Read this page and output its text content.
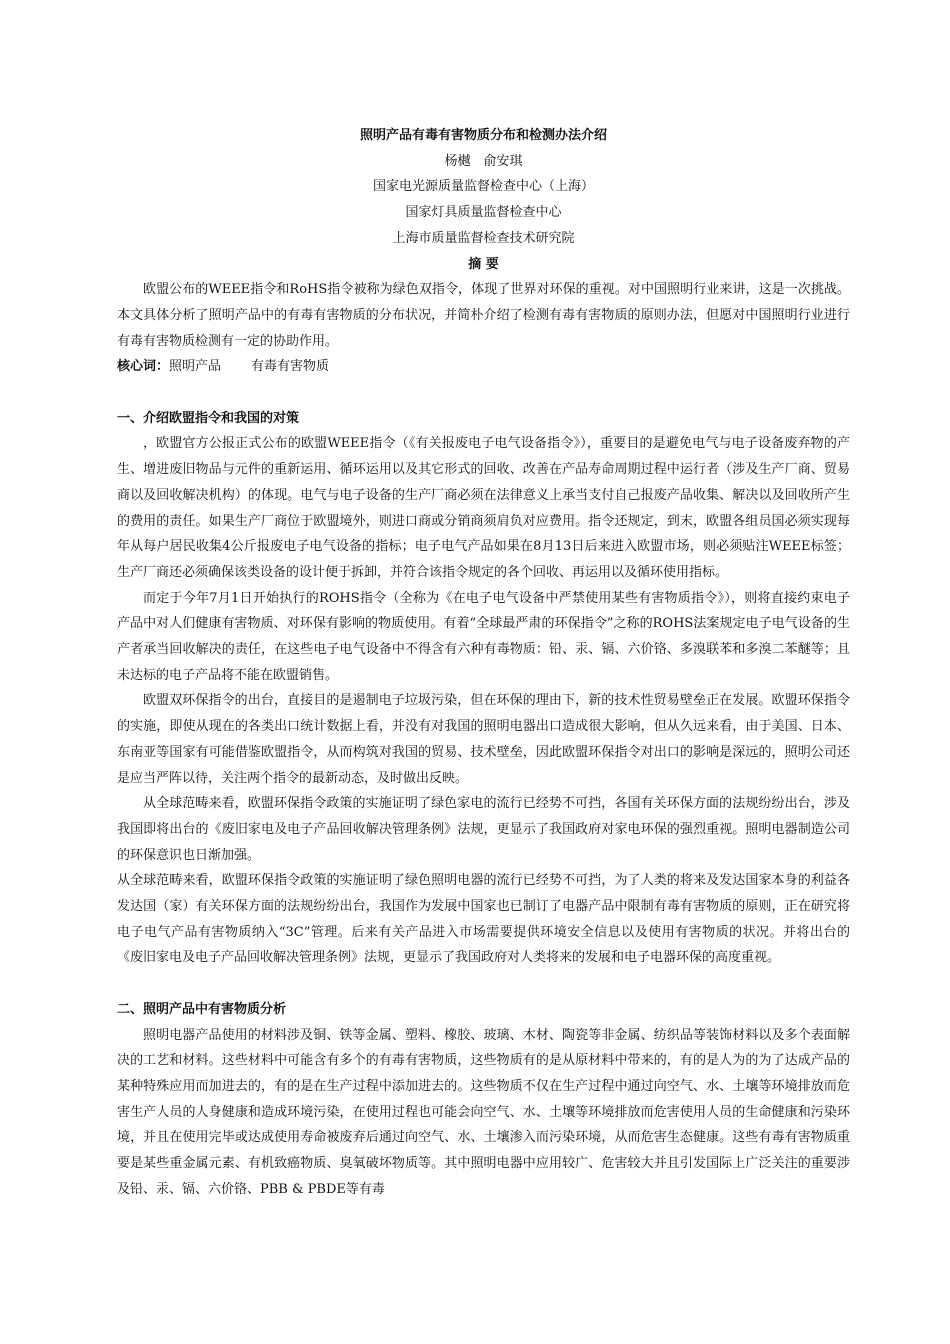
照明产品有毒有害物质分布和检测办法介绍
杨樾　俞安琪
国家电光源质量监督检查中心（上海）
国家灯具质量监督检查中心
上海市质量监督检查技术研究院
摘 要

欧盟公布的WEEE指令和RoHS指令被称为绿色双指令，体现了世界对环保的重视。对中国照明行业来讲，这是一次挑战。本文具体分析了照明产品中的有毒有害物质的分布状况，并简朴介绍了检测有毒有害物质的原则办法，但愿对中国照明行业进行有毒有害物质检测有一定的协助作用。

核心词：照明产品 有毒有害物质
一、介绍欧盟指令和我国的对策

，欧盟官方公报正式公布的欧盟WEEE指令（《有关报废电子电气设备指令》），重要目的是避免电气与电子设备废弃物的产生、增进废旧物品与元件的重新运用、循环运用以及其它形式的回收、改善在产品寿命周期过程中运行者（涉及生产厂商、贸易商以及回收解决机构）的体现。电气与电子设备的生产厂商必须在法律意义上承当支付自己报废产品收集、解决以及回收所产生的费用的责任。如果生产厂商位于欧盟境外，则进口商或分销商须肩负对应费用。指令还规定，到末，欧盟各组员国必须实现每年从每户居民收集4公斤报废电子电气设备的指标；电子电气产品如果在8月13日后来进入欧盟市场，则必须贴注WEEE标签；生产厂商还必须确保该类设备的设计便于拆卸，并符合该指令规定的各个回收、再运用以及循环使用指标。

而定于今年7月1日开始执行的ROHS指令（全称为《在电子电气设备中严禁使用某些有害物质指令》），则将直接约束电子产品中对人们健康有害物质、对环保有影响的物质使用。有着“全球最严肃的环保指令”之称的ROHS法案规定电子电气设备的生产者承当回收解决的责任，在这些电子电气设备中不得含有六种有毒物质：铅、汞、镉、六价铬、多溴联苯和多溴二苯醚等；且未达标的电子产品将不能在欧盟销售。

欧盟双环保指令的出台，直接目的是遏制电子垃圾污染，但在环保的理由下，新的技术性贸易壁垒正在发展。欧盟环保指令的实施，即使从现在的各类出口统计数据上看，并没有对我国的照明电器出口造成很大影响，但从久远来看，由于美国、日本、东南亚等国家有可能借鉴欧盟指令，从而构筑对我国的贸易、技术壁垒，因此欧盟环保指令对出口的影响是深远的，照明公司还是应当严阵以待，关注两个指令的最新动态，及时做出反映。

从全球范畴来看，欧盟环保指令政策的实施证明了绿色家电的流行已经势不可挡，各国有关环保方面的法规纷纷出台，涉及我国即将出台的《废旧家电及电子产品回收解决管理条例》法规，更显示了我国政府对家电环保的强烈重视。照明电器制造公司的环保意识也日渐加强。

从全球范畴来看，欧盟环保指令政策的实施证明了绿色照明电器的流行已经势不可挡，为了人类的将来及发达国家本身的利益各发达国（家）有关环保方面的法规纷纷出台，我国作为发展中国家也已制订了电器产品中限制有毒有害物质的原则，正在研究将电子电气产品有害物质纳入“3C”管理。后来有关产品进入市场需要提供环境安全信息以及使用有害物质的状况。并将出台的《废旧家电及电子产品回收解决管理条例》法规，更显示了我国政府对人类将来的发展和电子电器环保的高度重视。

二、照明产品中有害物质分析

照明电器产品使用的材料涉及铜、铁等金属、塑料、橡胶、玻璃、木材、陶瓷等非金属、纺织品等装饰材料以及多个表面解决的工艺和材料。这些材料中可能含有多个的有毒有害物质，这些物质有的是从原材料中带来的，有的是人为的为了达成产品的某种特殊应用而加进去的，有的是在生产过程中添加进去的。这些物质不仅在生产过程中通过向空气、水、土壤等环境排放而危害生产人员的人身健康和造成环境污染，在使用过程也可能会向空气、水、土壤等环境排放而危害使用人员的生命健康和污染环境，并且在使用完毕或达成使用寿命被废弃后通过向空气、水、土壤渗入而污染环境，从而危害生态健康。这些有毒有害物质重要是某些重金属元素、有机致癌物质、臭氧破坏物质等。其中照明电器中应用较广、危害较大并且引发国际上广泛关注的重要涉及铅、汞、镉、六价铬、PBB & PBDE等有毒
